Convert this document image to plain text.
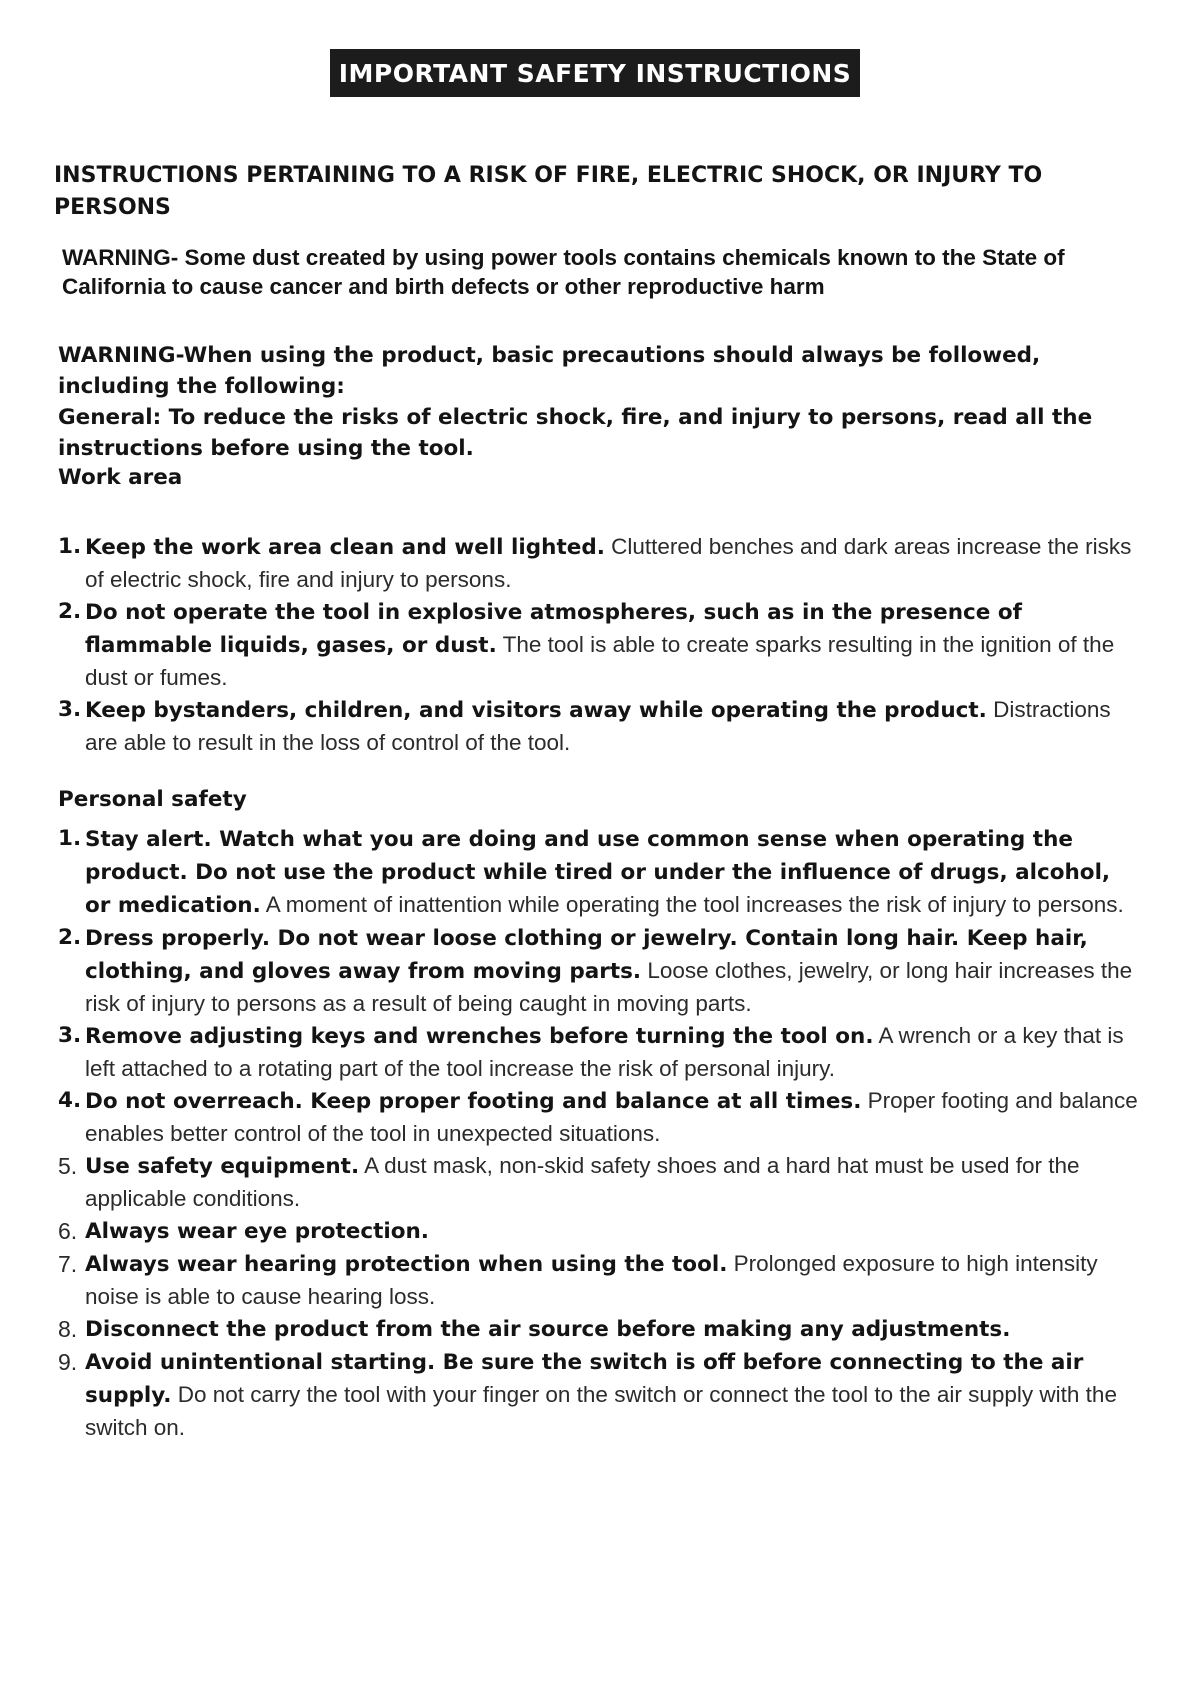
IMPORTANT SAFETY INSTRUCTIONS
INSTRUCTIONS PERTAINING TO A RISK OF FIRE, ELECTRIC SHOCK, OR INJURY TO PERSONS
WARNING- Some dust created by using power tools contains chemicals known to the State of California to cause cancer and birth defects or other reproductive harm
WARNING-When using the product, basic precautions should always be followed, including the following:
General: To reduce the risks of electric shock, fire, and injury to persons, read all the instructions before using the tool.
Work area
1. Keep the work area clean and well lighted. Cluttered benches and dark areas increase the risks of electric shock, fire and injury to persons.
2. Do not operate the tool in explosive atmospheres, such as in the presence of flammable liquids, gases, or dust. The tool is able to create sparks resulting in the ignition of the dust or fumes.
3. Keep bystanders, children, and visitors away while operating the product. Distractions are able to result in the loss of control of the tool.
Personal safety
1. Stay alert. Watch what you are doing and use common sense when operating the product. Do not use the product while tired or under the influence of drugs, alcohol, or medication. A moment of inattention while operating the tool increases the risk of injury to persons.
2. Dress properly. Do not wear loose clothing or jewelry. Contain long hair. Keep hair, clothing, and gloves away from moving parts. Loose clothes, jewelry, or long hair increases the risk of injury to persons as a result of being caught in moving parts.
3. Remove adjusting keys and wrenches before turning the tool on. A wrench or a key that is left attached to a rotating part of the tool increase the risk of personal injury.
4. Do not overreach. Keep proper footing and balance at all times. Proper footing and balance enables better control of the tool in unexpected situations.
5. Use safety equipment. A dust mask, non-skid safety shoes and a hard hat must be used for the applicable conditions.
6. Always wear eye protection.
7. Always wear hearing protection when using the tool. Prolonged exposure to high intensity noise is able to cause hearing loss.
8. Disconnect the product from the air source before making any adjustments.
9. Avoid unintentional starting. Be sure the switch is off before connecting to the air supply. Do not carry the tool with your finger on the switch or connect the tool to the air supply with the switch on.
